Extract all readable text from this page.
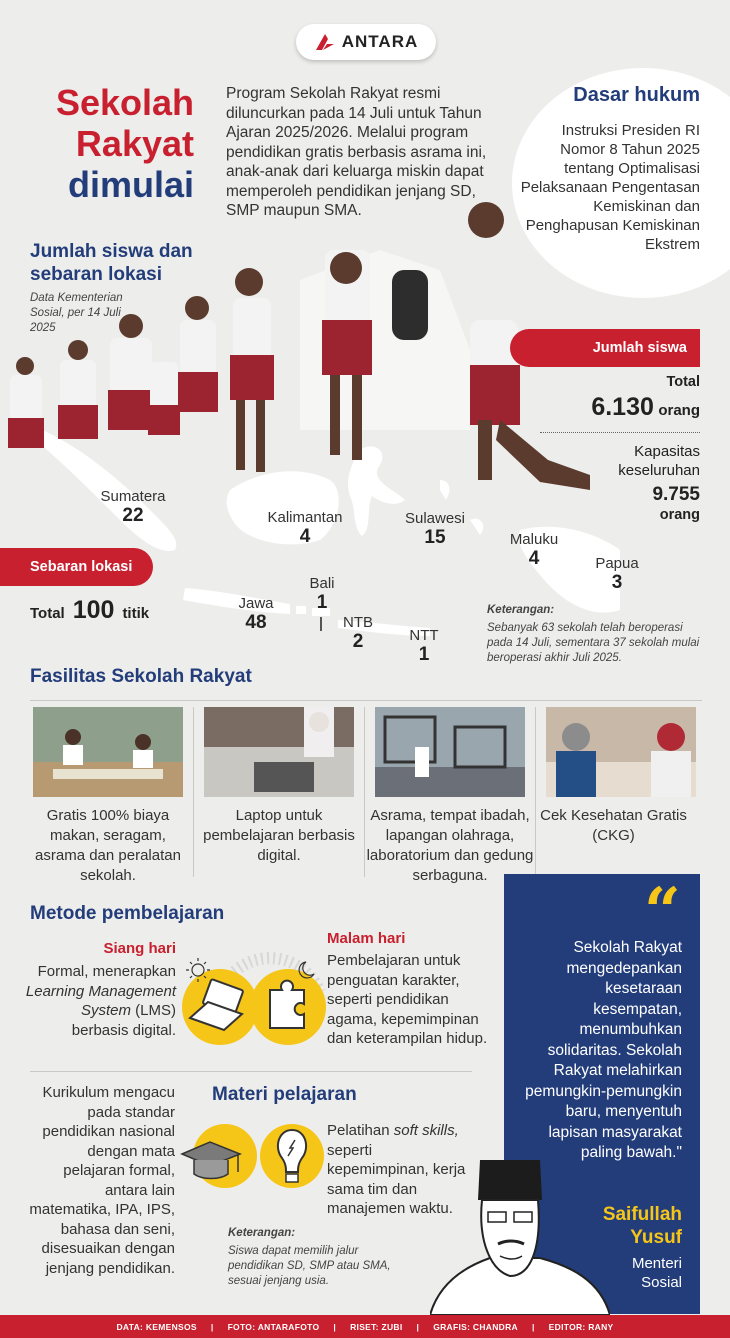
ANTARA
Sekolah
Rakyat
dimulai
Program Sekolah Rakyat resmi diluncurkan pada 14 Juli untuk Tahun Ajaran 2025/2026. Melalui program pendidikan gratis berbasis asrama ini, anak-anak dari keluarga miskin dapat memperoleh pendidikan jenjang SD, SMP maupun SMA.
Dasar hukum
Instruksi Presiden RI Nomor 8 Tahun 2025 tentang Optimalisasi Pelaksanaan Pengentasan Kemiskinan dan Penghapusan Kemiskinan Ekstrem
Jumlah siswa dan
sebaran lokasi
Data Kementerian Sosial, per 14 Juli 2025
Jumlah siswa
Total
6.130 orang
Kapasitas keseluruhan
9.755
orang
Sumatera
22	Kalimantan
4
Sulawesi
15	Maluku
4	Papua
3
Bali
1
Jawa
48	NTB
2	NTT
1
Sebaran lokasi
Total 100 titik	Keterangan:
Sebanyak 63 sekolah telah beroperasi pada 14 Juli, sementara 37 sekolah mulai beroperasi akhir Juli 2025.
Fasilitas Sekolah Rakyat
Gratis 100% biaya makan, seragam, asrama dan peralatan sekolah.
Laptop untuk pembelajaran berbasis digital.
Asrama, tempat ibadah, lapangan olahraga, laboratorium dan gedung serbaguna.
Cek Kesehatan Gratis (CKG)
Metode pembelajaran
Siang hari
Formal, menerapkan Learning Management System (LMS) berbasis digital.
Malam hari
Pembelajaran untuk penguatan karakter, seperti pendidikan agama, kepemimpinan dan keterampilan hidup.
Kurikulum mengacu pada standar pendidikan nasional dengan mata pelajaran formal, antara lain matematika, IPA, IPS, bahasa dan seni, disesuaikan dengan jenjang pendidikan.
Materi pelajaran
Pelatihan soft skills, seperti kepemimpinan, kerja sama tim dan manajemen waktu.
Keterangan:
Siswa dapat memilih jalur pendidikan SD, SMP atau SMA, sesuai jenjang usia.
“
Sekolah Rakyat mengedepankan kesetaraan kesempatan, menumbuhkan solidaritas. Sekolah Rakyat melahirkan pemungkin-pemungkin baru, menyentuh lapisan masyarakat paling bawah."
Saifullah
Yusuf
Menteri
Sosial
DATA: KEMENSOS | FOTO: ANTARAFOTO | RISET: ZUBI | GRAFIS: CHANDRA | EDITOR: RANY
